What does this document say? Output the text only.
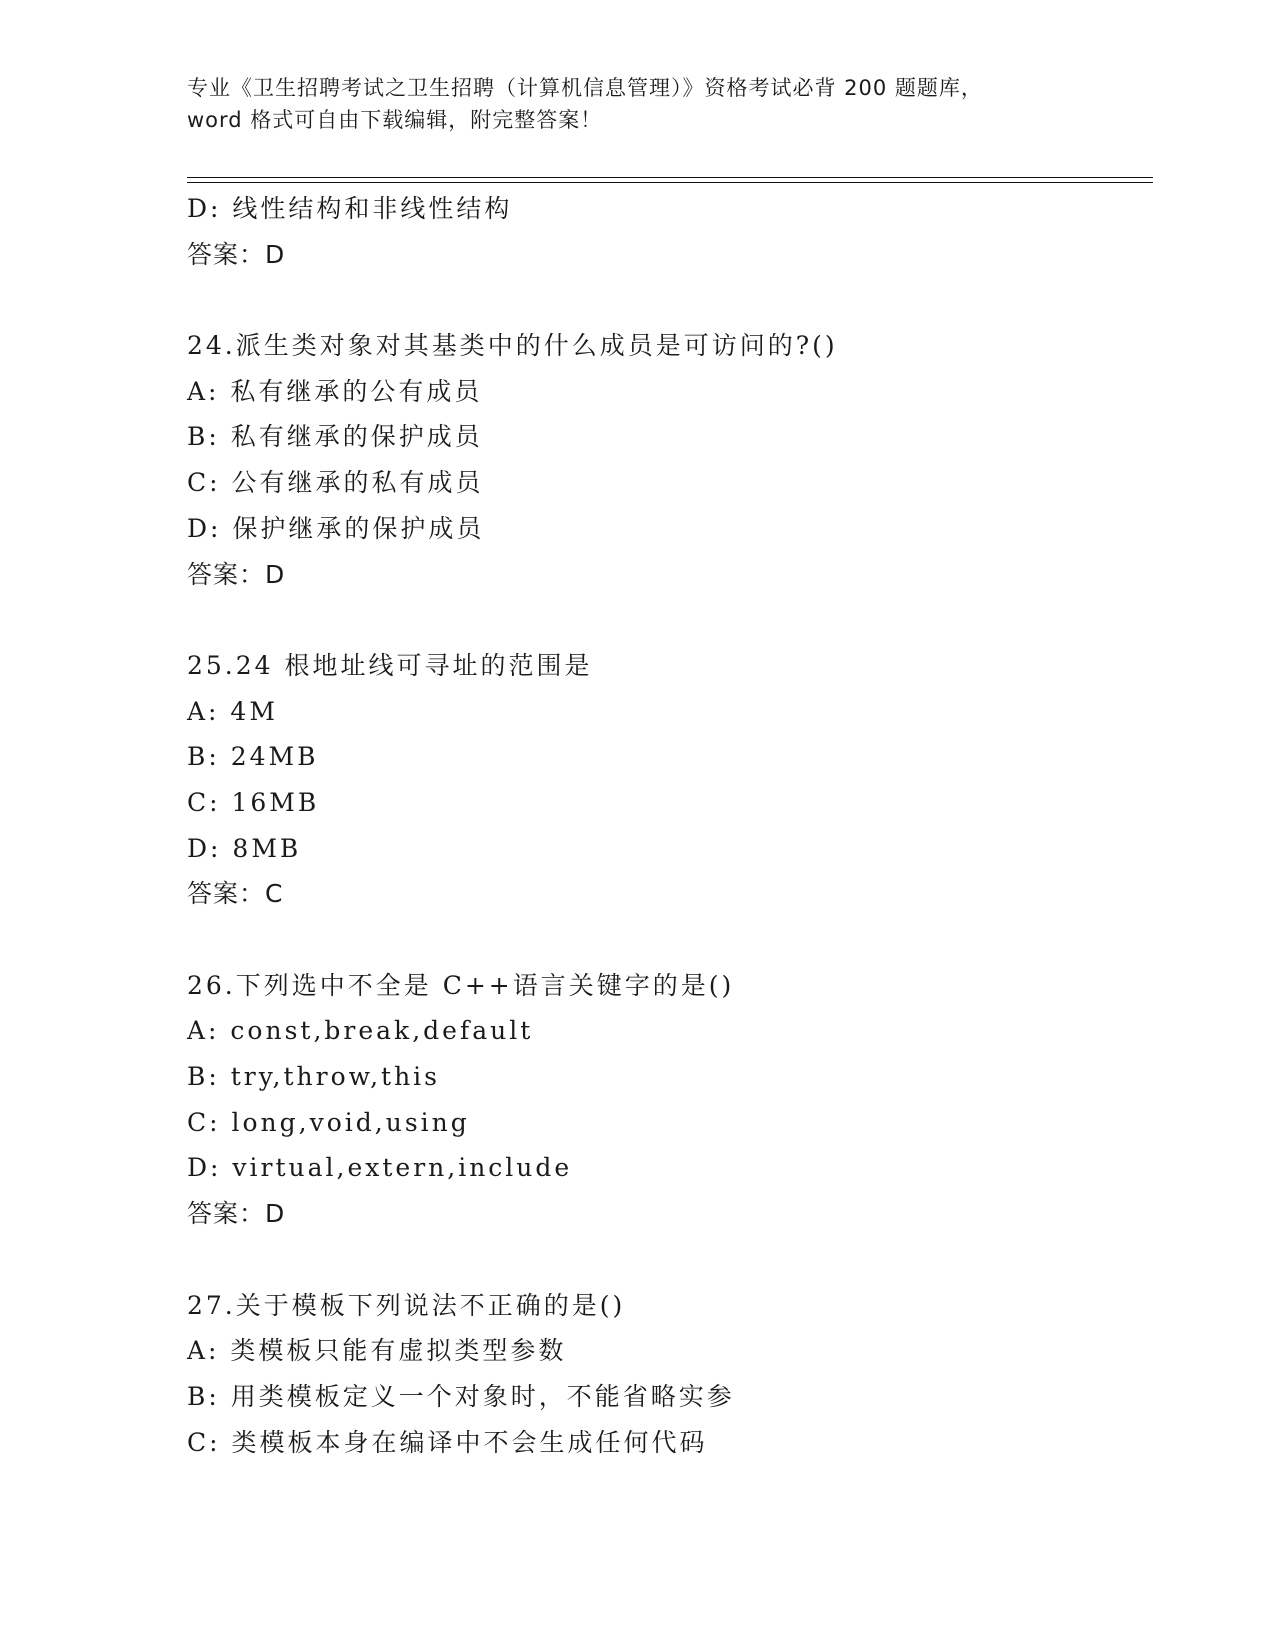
专业《卫生招聘考试之卫生招聘（计算机信息管理）》资格考试必背 200 题题库，
word 格式可自由下载编辑，附完整答案！
D: 线性结构和非线性结构
答案：D
24.派生类对象对其基类中的什么成员是可访问的?()
A: 私有继承的公有成员
B: 私有继承的保护成员
C: 公有继承的私有成员
D: 保护继承的保护成员
答案：D
25.24 根地址线可寻址的范围是
A: 4M
B: 24MB
C: 16MB
D: 8MB
答案：C
26.下列选中不全是 C++语言关键字的是()
A: const,break,default
B: try,throw,this
C: long,void,using
D: virtual,extern,include
答案：D
27.关于模板下列说法不正确的是()
A: 类模板只能有虚拟类型参数
B: 用类模板定义一个对象时，不能省略实参
C: 类模板本身在编译中不会生成任何代码
